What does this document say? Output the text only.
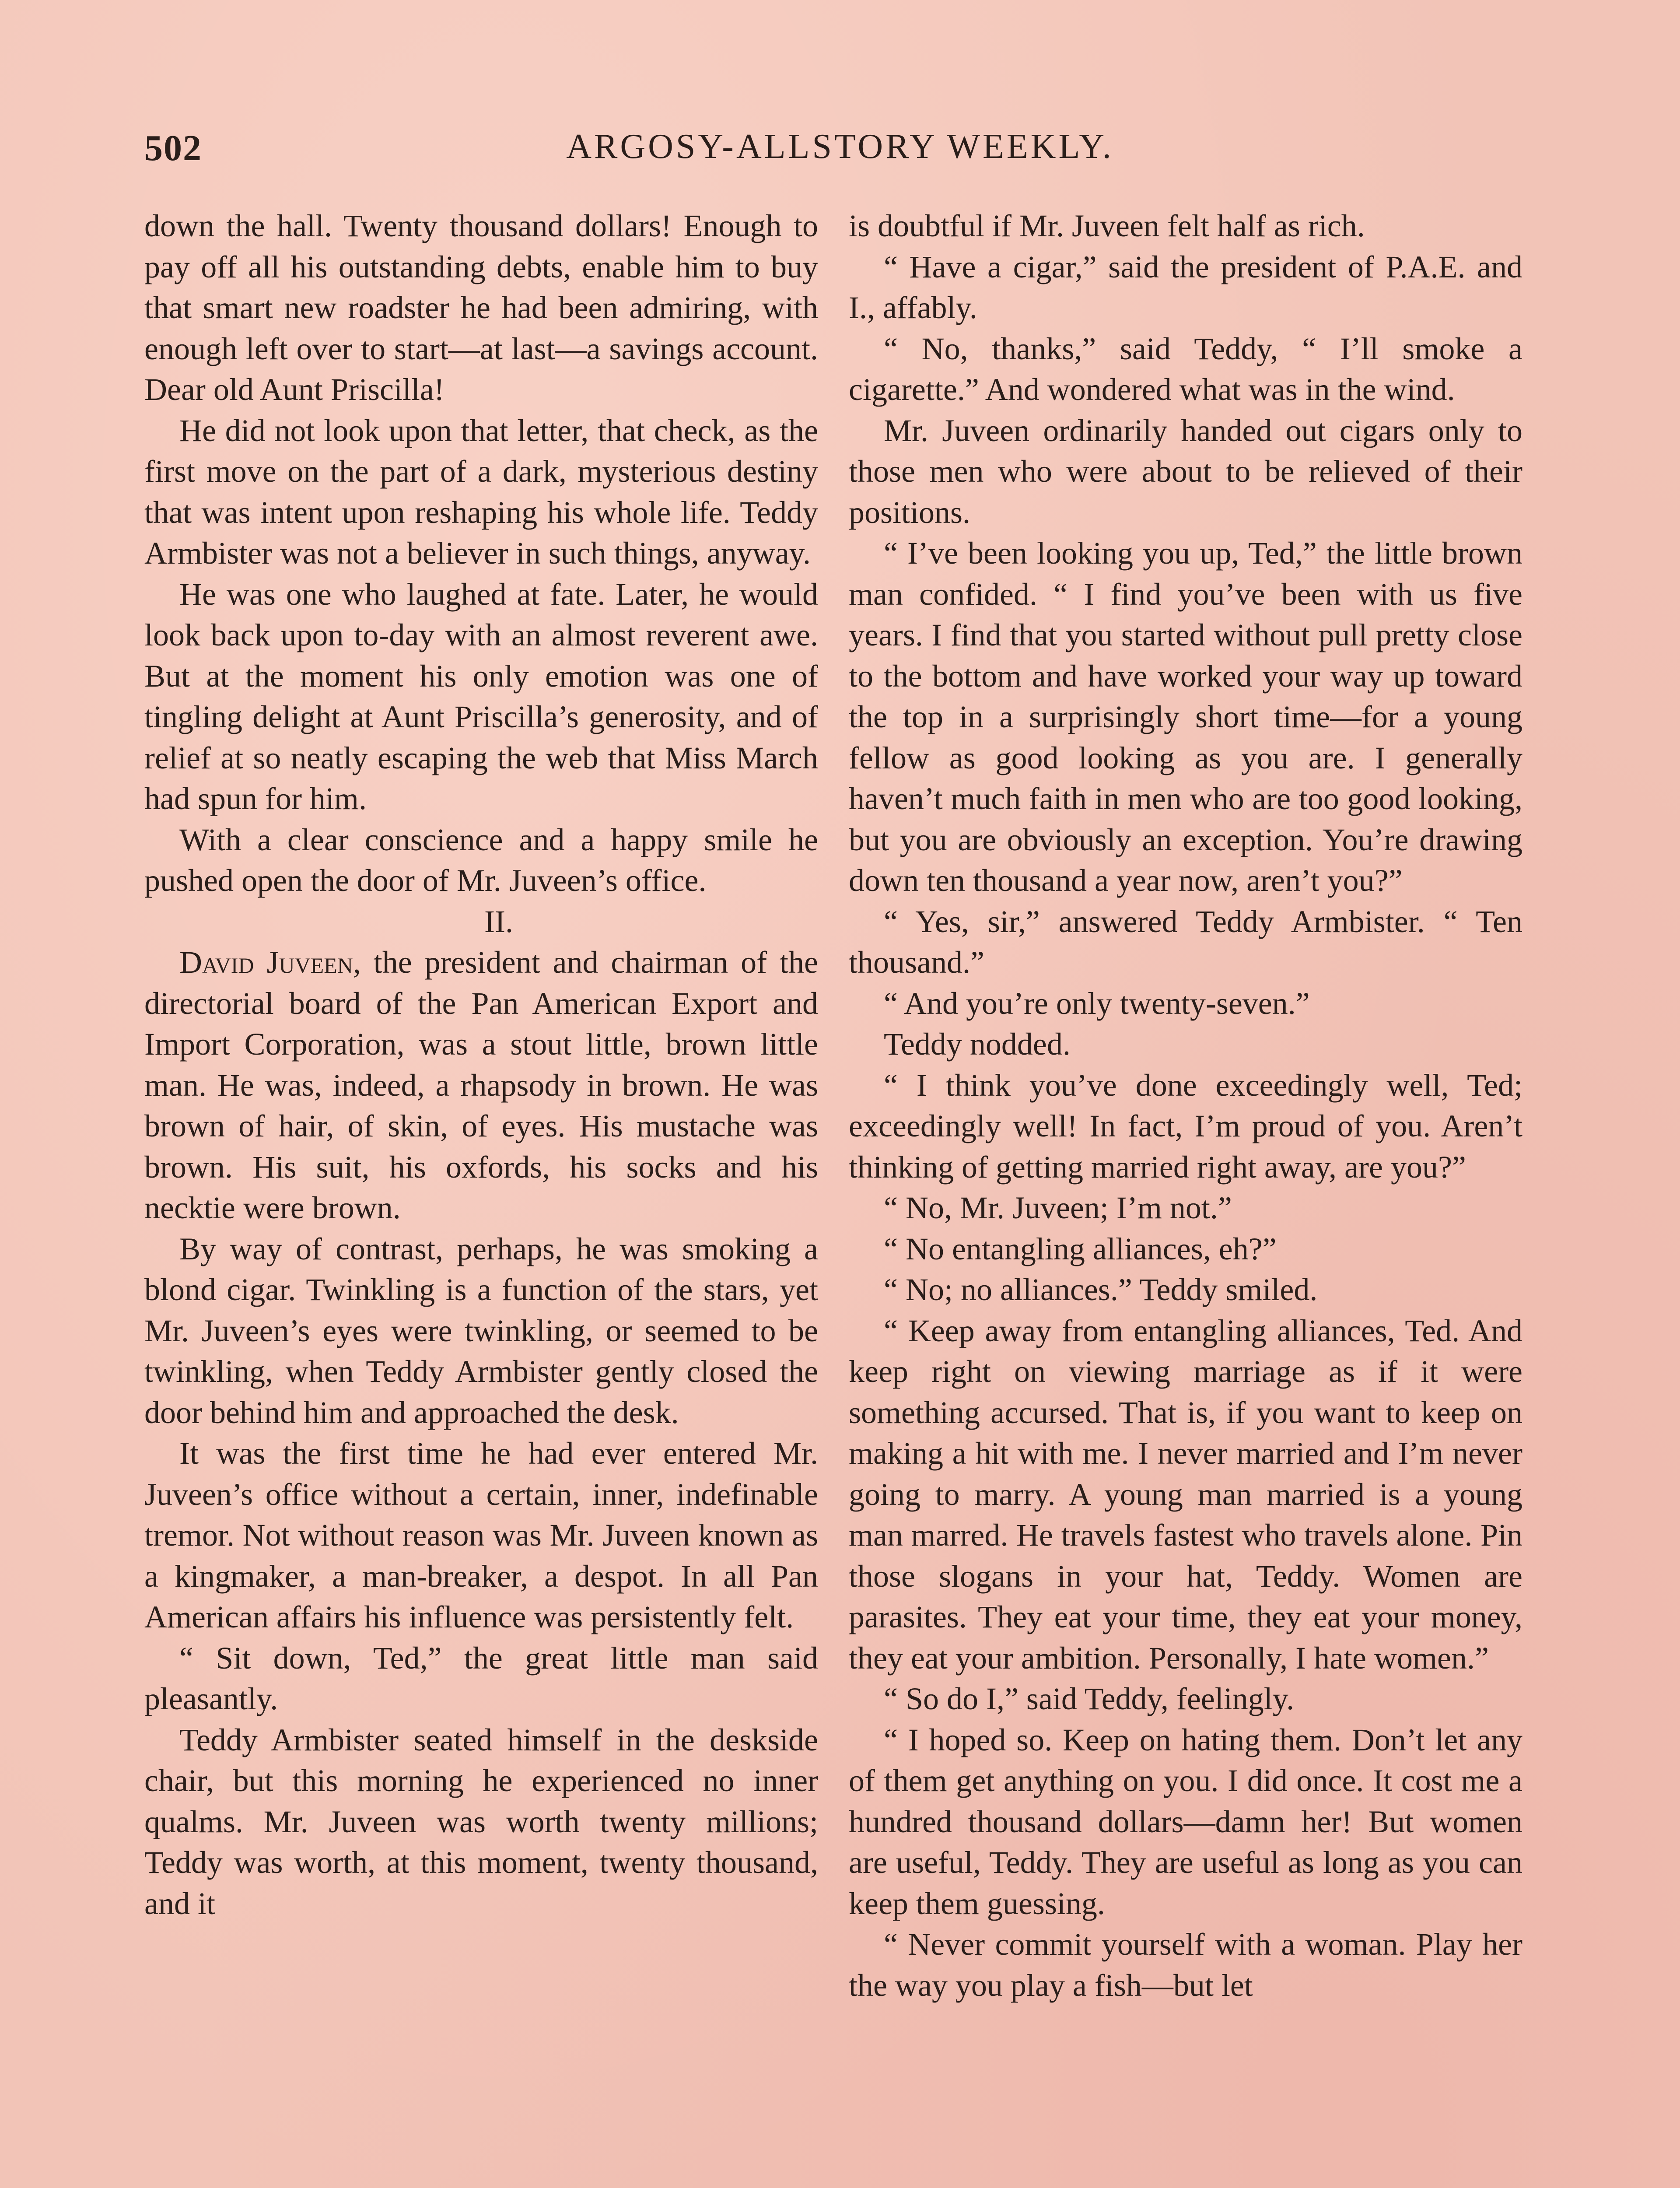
502	ARGOSY-ALLSTORY WEEKLY.

down the hall. Twenty thousand dollars! Enough to pay off all his outstanding debts, enable him to buy that smart new roadster he had been admiring, with enough left over to start—at last—a savings account. Dear old Aunt Priscilla!

He did not look upon that letter, that check, as the first move on the part of a dark, mysterious destiny that was intent upon reshaping his whole life. Teddy Armbister was not a believer in such things, anyway.

He was one who laughed at fate. Later, he would look back upon to-day with an almost reverent awe. But at the moment his only emotion was one of tingling delight at Aunt Priscilla’s generosity, and of relief at so neatly escaping the web that Miss March had spun for him.

With a clear conscience and a happy smile he pushed open the door of Mr. Juveen’s office.

II.

David Juveen, the president and chairman of the directorial board of the Pan American Export and Import Corporation, was a stout little, brown little man. He was, indeed, a rhapsody in brown. He was brown of hair, of skin, of eyes. His mustache was brown. His suit, his oxfords, his socks and his necktie were brown.

By way of contrast, perhaps, he was smoking a blond cigar. Twinkling is a function of the stars, yet Mr. Juveen’s eyes were twinkling, or seemed to be twinkling, when Teddy Armbister gently closed the door behind him and approached the desk.

It was the first time he had ever entered Mr. Juveen’s office without a certain, inner, indefinable tremor. Not without reason was Mr. Juveen known as a kingmaker, a man-breaker, a despot. In all Pan American affairs his influence was persistently felt.

“ Sit down, Ted,” the great little man said pleasantly.

Teddy Armbister seated himself in the deskside chair, but this morning he experienced no inner qualms. Mr. Juveen was worth twenty millions; Teddy was worth, at this moment, twenty thousand, and it

is doubtful if Mr. Juveen felt half as rich.

“ Have a cigar,” said the president of P.A.E. and I., affably.

“ No, thanks,” said Teddy, “ I’ll smoke a cigarette.” And wondered what was in the wind.

Mr. Juveen ordinarily handed out cigars only to those men who were about to be relieved of their positions.

“ I’ve been looking you up, Ted,” the little brown man confided. “ I find you’ve been with us five years. I find that you started without pull pretty close to the bottom and have worked your way up toward the top in a surprisingly short time—for a young fellow as good looking as you are. I generally haven’t much faith in men who are too good looking, but you are obviously an exception. You’re drawing down ten thousand a year now, aren’t you?”

“ Yes, sir,” answered Teddy Armbister. “ Ten thousand.”

“ And you’re only twenty-seven.”

Teddy nodded.

“ I think you’ve done exceedingly well, Ted; exceedingly well! In fact, I’m proud of you. Aren’t thinking of getting married right away, are you?”

“ No, Mr. Juveen; I’m not.”

“ No entangling alliances, eh?”

“ No; no alliances.” Teddy smiled.

“ Keep away from entangling alliances, Ted. And keep right on viewing marriage as if it were something accursed. That is, if you want to keep on making a hit with me. I never married and I’m never going to marry. A young man married is a young man marred. He travels fastest who travels alone. Pin those slogans in your hat, Teddy. Women are parasites. They eat your time, they eat your money, they eat your ambition. Personally, I hate women.”

“ So do I,” said Teddy, feelingly.

“ I hoped so. Keep on hating them. Don’t let any of them get anything on you. I did once. It cost me a hundred thousand dollars—damn her! But women are useful, Teddy. They are useful as long as you can keep them guessing.

“ Never commit yourself with a woman. Play her the way you play a fish—but let
